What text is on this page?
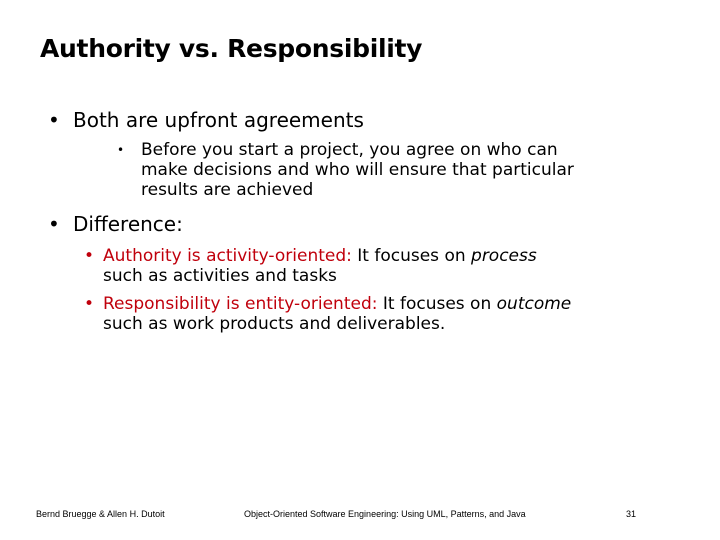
Authority vs. Responsibility
• Both are upfront agreements
• Before you start a project, you agree on who can
make decisions and who will ensure that particular
results are achieved
• Difference:
• Authority is activity-oriented: It focuses on process
such as activities and tasks
• Responsibility is entity-oriented: It focuses on outcome
such as work products and deliverables.
Bernd Bruegge & Allen H. Dutoit	Object-Oriented Software Engineering: Using UML, Patterns, and Java	31
